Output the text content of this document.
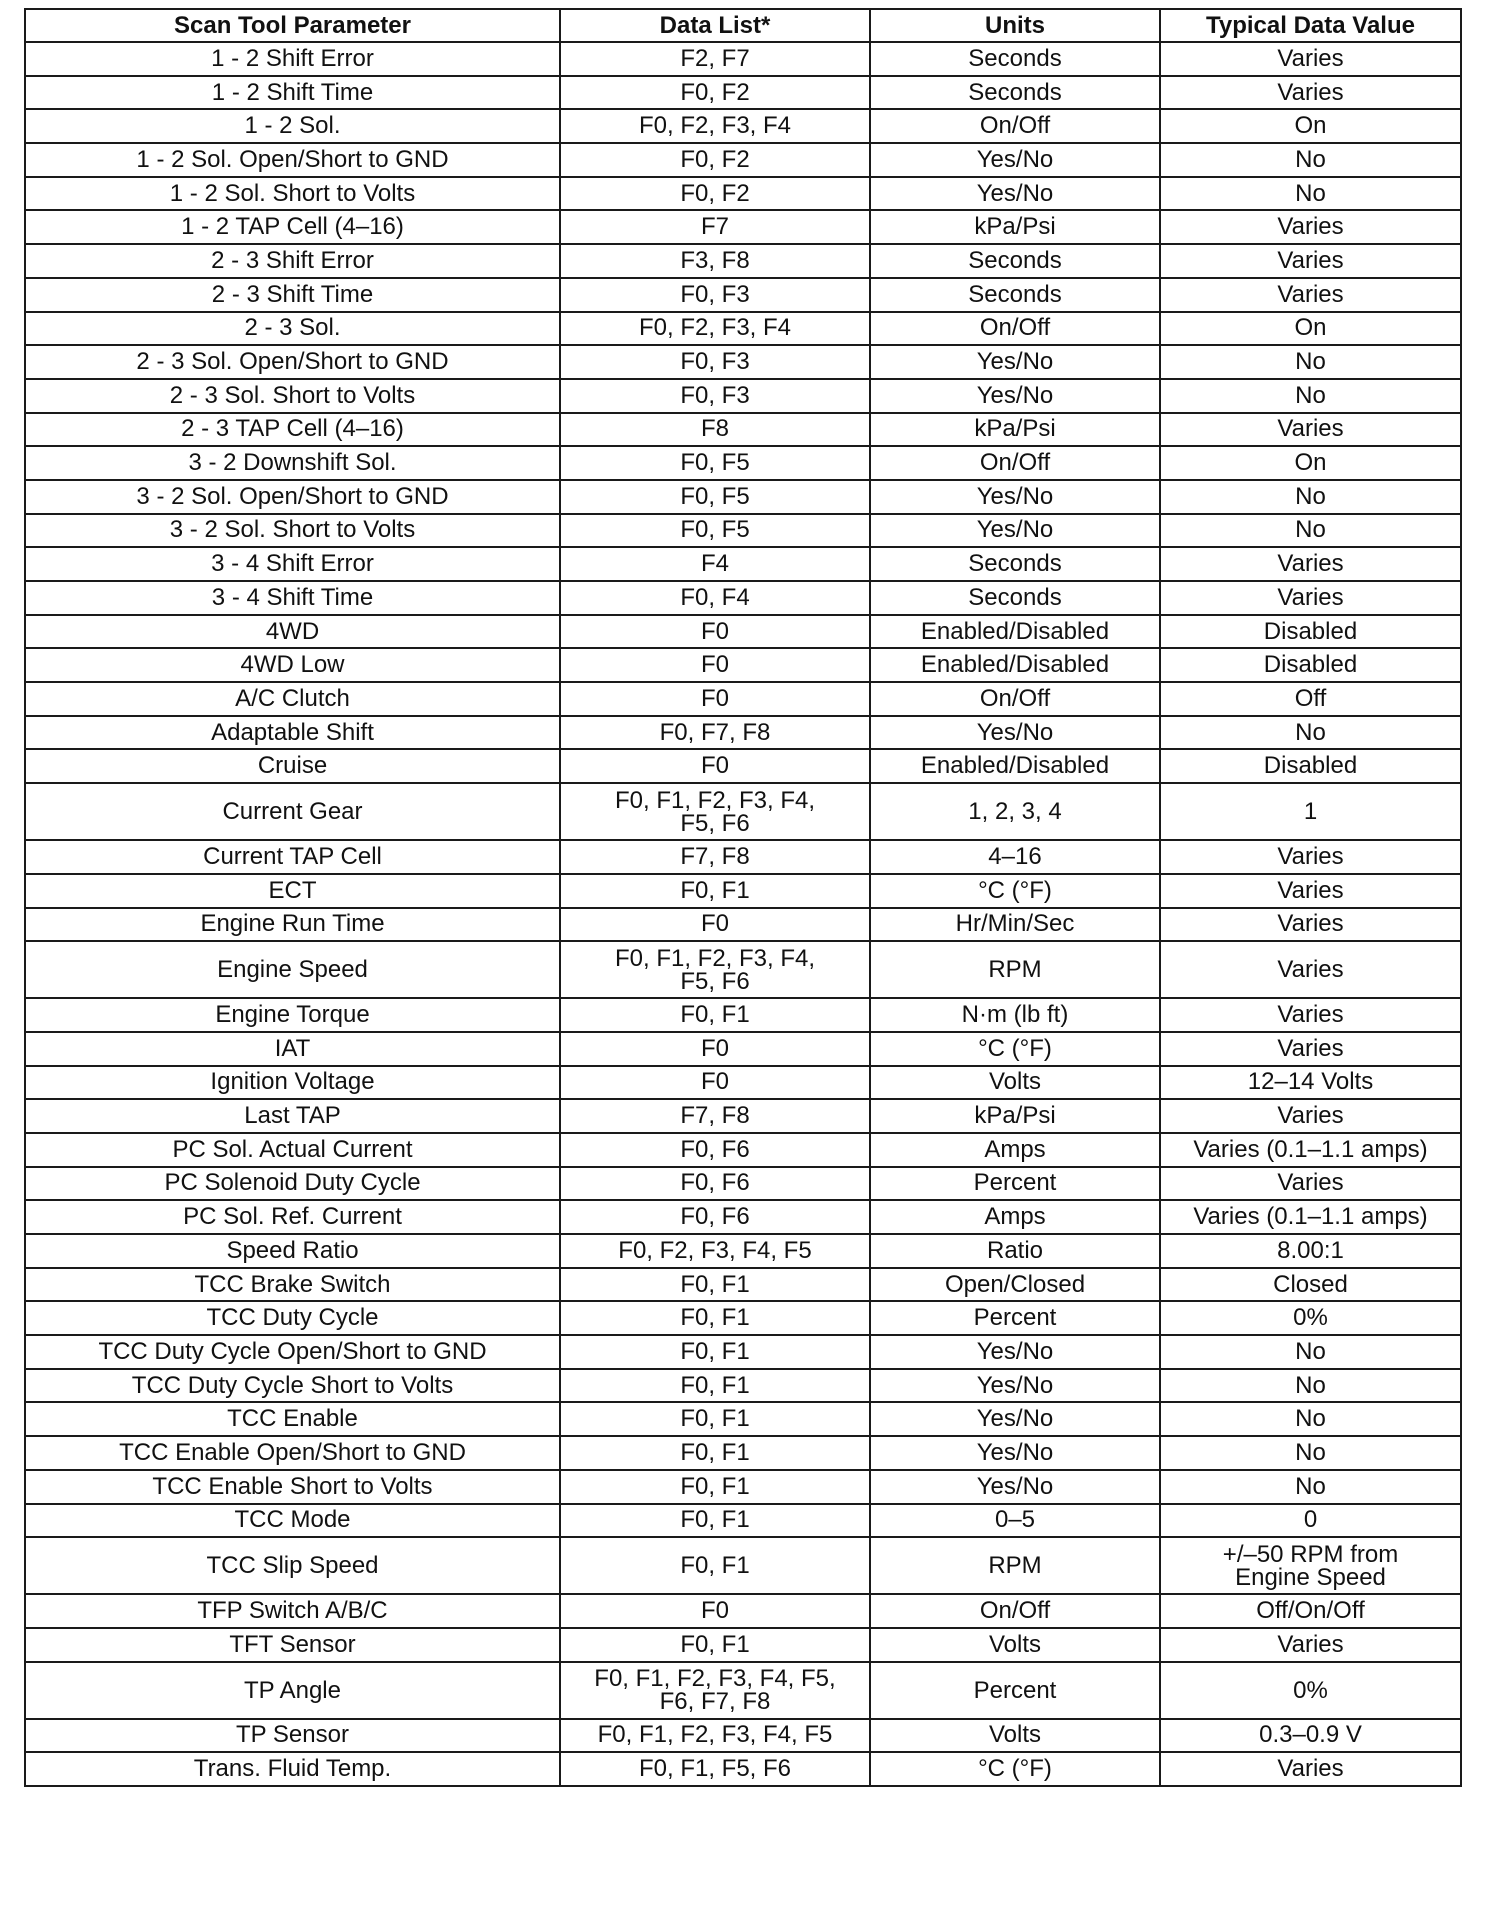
Scan Tool Parameter	Data List*	Units	Typical Data Value
1 - 2 Shift Error	F2, F7	Seconds	Varies
1 - 2 Shift Time	F0, F2	Seconds	Varies
1 - 2 Sol.	F0, F2, F3, F4	On/Off	On
1 - 2 Sol. Open/Short to GND	F0, F2	Yes/No	No
1 - 2 Sol. Short to Volts	F0, F2	Yes/No	No
1 - 2 TAP Cell (4–16)	F7	kPa/Psi	Varies
2 - 3 Shift Error	F3, F8	Seconds	Varies
2 - 3 Shift Time	F0, F3	Seconds	Varies
2 - 3 Sol.	F0, F2, F3, F4	On/Off	On
2 - 3 Sol. Open/Short to GND	F0, F3	Yes/No	No
2 - 3 Sol. Short to Volts	F0, F3	Yes/No	No
2 - 3 TAP Cell (4–16)	F8	kPa/Psi	Varies
3 - 2 Downshift Sol.	F0, F5	On/Off	On
3 - 2 Sol. Open/Short to GND	F0, F5	Yes/No	No
3 - 2 Sol. Short to Volts	F0, F5	Yes/No	No
3 - 4 Shift Error	F4	Seconds	Varies
3 - 4 Shift Time	F0, F4	Seconds	Varies
4WD	F0	Enabled/Disabled	Disabled
4WD Low	F0	Enabled/Disabled	Disabled
A/C Clutch	F0	On/Off	Off
Adaptable Shift	F0, F7, F8	Yes/No	No
Cruise	F0	Enabled/Disabled	Disabled
Current Gear	F0, F1, F2, F3, F4, F5, F6	1, 2, 3, 4	1
Current TAP Cell	F7, F8	4–16	Varies
ECT	F0, F1	°C (°F)	Varies
Engine Run Time	F0	Hr/Min/Sec	Varies
Engine Speed	F0, F1, F2, F3, F4, F5, F6	RPM	Varies
Engine Torque	F0, F1	N·m (lb ft)	Varies
IAT	F0	°C (°F)	Varies
Ignition Voltage	F0	Volts	12–14 Volts
Last TAP	F7, F8	kPa/Psi	Varies
PC Sol. Actual Current	F0, F6	Amps	Varies (0.1–1.1 amps)
PC Solenoid Duty Cycle	F0, F6	Percent	Varies
PC Sol. Ref. Current	F0, F6	Amps	Varies (0.1–1.1 amps)
Speed Ratio	F0, F2, F3, F4, F5	Ratio	8.00:1
TCC Brake Switch	F0, F1	Open/Closed	Closed
TCC Duty Cycle	F0, F1	Percent	0%
TCC Duty Cycle Open/Short to GND	F0, F1	Yes/No	No
TCC Duty Cycle Short to Volts	F0, F1	Yes/No	No
TCC Enable	F0, F1	Yes/No	No
TCC Enable Open/Short to GND	F0, F1	Yes/No	No
TCC Enable Short to Volts	F0, F1	Yes/No	No
TCC Mode	F0, F1	0–5	0
TCC Slip Speed	F0, F1	RPM	+/–50 RPM from Engine Speed
TFP Switch A/B/C	F0	On/Off	Off/On/Off
TFT Sensor	F0, F1	Volts	Varies
TP Angle	F0, F1, F2, F3, F4, F5, F6, F7, F8	Percent	0%
TP Sensor	F0, F1, F2, F3, F4, F5	Volts	0.3–0.9 V
Trans. Fluid Temp.	F0, F1, F5, F6	°C (°F)	Varies
